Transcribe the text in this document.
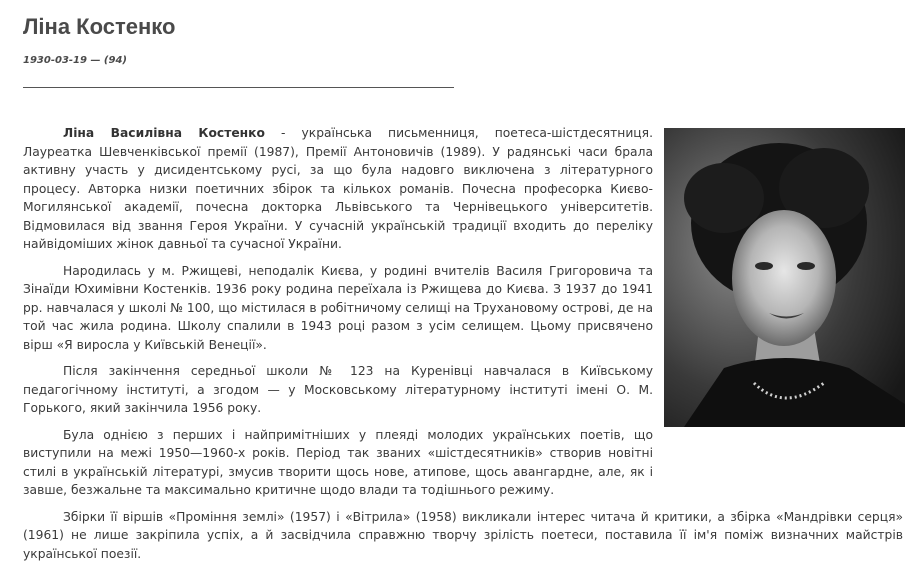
Ліна Костенко
1930-03-19 — (94)

Ліна Василівна Костенко - українська письменниця, поетеса-шістдесятниця. Лауреатка Шевченківської премії (1987), Премії Антоновичів (1989). У радянські часи брала активну участь у дисидентському русі, за що була надовго виключена з літературного процесу. Авторка низки поетичних збірок та кількох романів. Почесна професорка Києво-Могилянської академії, почесна докторка Львівського та Чернівецького університетів. Відмовилася від звання Героя України. У сучасній українській традиції входить до переліку найвідоміших жінок давньої та сучасної України.

Народилась у м. Ржищеві, неподалік Києва, у родині вчителів Василя Григоровича та Зінаїди Юхимівни Костенків. 1936 року родина переїхала із Ржищева до Києва. З 1937 до 1941 рр. навчалася у школі № 100, що містилася в робітничому селищі на Трухановому острові, де на той час жила родина. Школу спалили в 1943 році разом з усім селищем. Цьому присвячено вірш «Я виросла у Київській Венеції».

Після закінчення середньої школи № 123 на Куренівці навчалася в Київському педагогічному інституті, а згодом — у Московському літературному інституті імені О. М. Горького, який закінчила 1956 року.

Була однією з перших і найпримітніших у плеяді молодих українських поетів, що виступили на межі 1950—1960-х років. Період так званих «шістдесятників» створив новітні стилі в українській літературі, змусив творити щось нове, атипове, щось авангардне, але, як і завше, безжальне та максимально критичне щодо влади та тодішнього режиму.

Збірки її віршів «Проміння землі» (1957) і «Вітрила» (1958) викликали інтерес читача й критики, а збірка «Мандрівки серця» (1961) не лише закріпила успіх, а й засвідчила справжню творчу зрілість поетеси, поставила її ім'я поміж визначних майстрів української поезії.
